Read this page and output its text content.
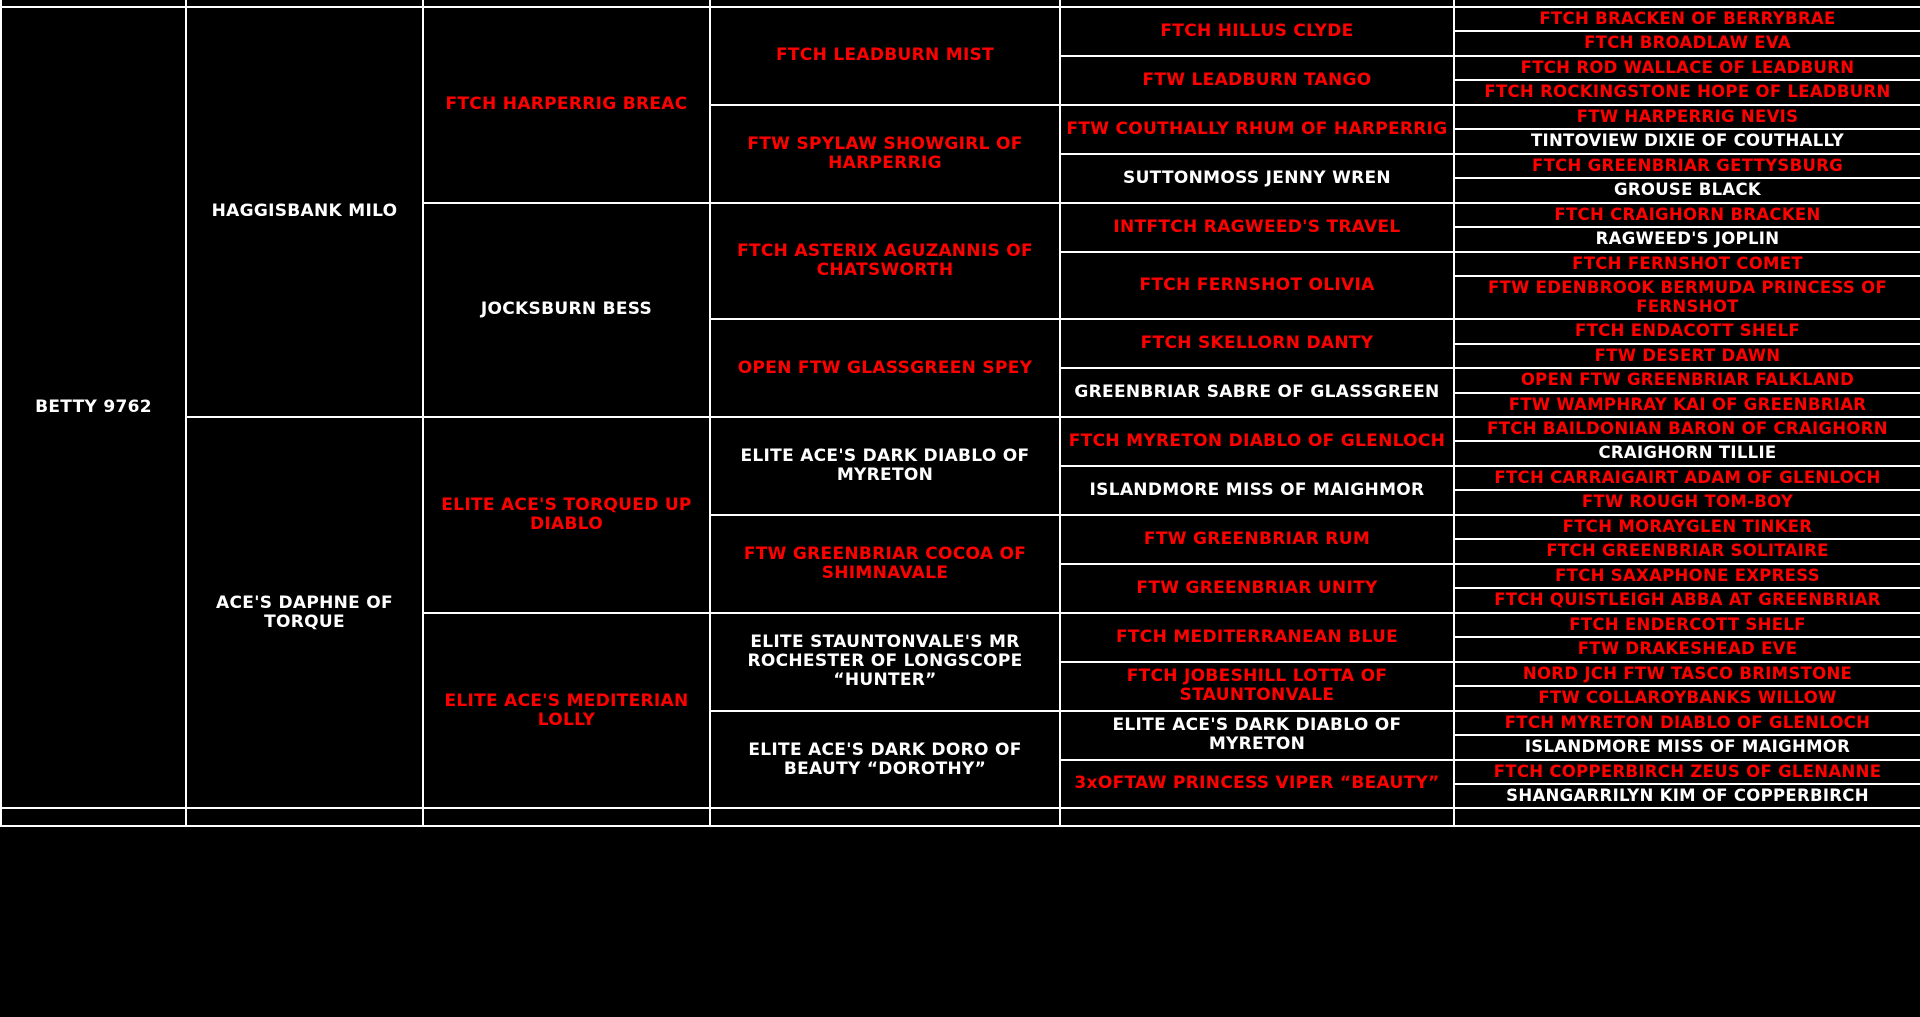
BETTY 9762	HAGGISBANK MILO	FTCH HARPERRIG BREAC	FTCH LEADBURN MIST	FTCH HILLUS CLYDE	FTCH BRACKEN OF BERRYBRAE
					FTCH BROADLAW EVA
				FTW LEADBURN TANGO	FTCH ROD WALLACE OF LEADBURN
					FTCH ROCKINGSTONE HOPE OF LEADBURN
			FTW SPYLAW SHOWGIRL OF HARPERRIG	FTW COUTHALLY RHUM OF HARPERRIG	FTW HARPERRIG NEVIS
					TINTOVIEW DIXIE OF COUTHALLY
				SUTTONMOSS JENNY WREN	FTCH GREENBRIAR GETTYSBURG
					GROUSE BLACK
		JOCKSBURN BESS	FTCH ASTERIX AGUZANNIS OF CHATSWORTH	INTFTCH RAGWEED'S TRAVEL	FTCH CRAIGHORN BRACKEN
					RAGWEED'S JOPLIN
				FTCH FERNSHOT OLIVIA	FTCH FERNSHOT COMET
					FTW EDENBROOK BERMUDA PRINCESS OF FERNSHOT
			OPEN FTW GLASSGREEN SPEY	FTCH SKELLORN DANTY	FTCH ENDACOTT SHELF
					FTW DESERT DAWN
				GREENBRIAR SABRE OF GLASSGREEN	OPEN FTW GREENBRIAR FALKLAND
					FTW WAMPHRAY KAI OF GREENBRIAR
	ACE'S DAPHNE OF TORQUE	ELITE ACE'S TORQUED UP DIABLO	ELITE ACE'S DARK DIABLO OF MYRETON	FTCH MYRETON DIABLO OF GLENLOCH	FTCH BAILDONIAN BARON OF CRAIGHORN
					CRAIGHORN TILLIE
				ISLANDMORE MISS OF MAIGHMOR	FTCH CARRAIGAIRT ADAM OF GLENLOCH
					FTW ROUGH TOM-BOY
			FTW GREENBRIAR COCOA OF SHIMNAVALE	FTW GREENBRIAR RUM	FTCH MORAYGLEN TINKER
					FTCH GREENBRIAR SOLITAIRE
				FTW GREENBRIAR UNITY	FTCH SAXAPHONE EXPRESS
					FTCH QUISTLEIGH ABBA AT GREENBRIAR
		ELITE ACE'S MEDITERIAN LOLLY	ELITE STAUNTONVALE'S MR ROCHESTER OF LONGSCOPE “HUNTER”	FTCH MEDITERRANEAN BLUE	FTCH ENDERCOTT SHELF
					FTW DRAKESHEAD EVE
				FTCH JOBESHILL LOTTA OF STAUNTONVALE	NORD JCH FTW TASCO BRIMSTONE
					FTW COLLAROYBANKS WILLOW
			ELITE ACE'S DARK DORO OF BEAUTY “DOROTHY”	ELITE ACE'S DARK DIABLO OF MYRETON	FTCH MYRETON DIABLO OF GLENLOCH
					ISLANDMORE MISS OF MAIGHMOR
				3xOFTAW PRINCESS VIPER “BEAUTY”	FTCH COPPERBIRCH ZEUS OF GLENANNE
					SHANGARRILYN KIM OF COPPERBIRCH
